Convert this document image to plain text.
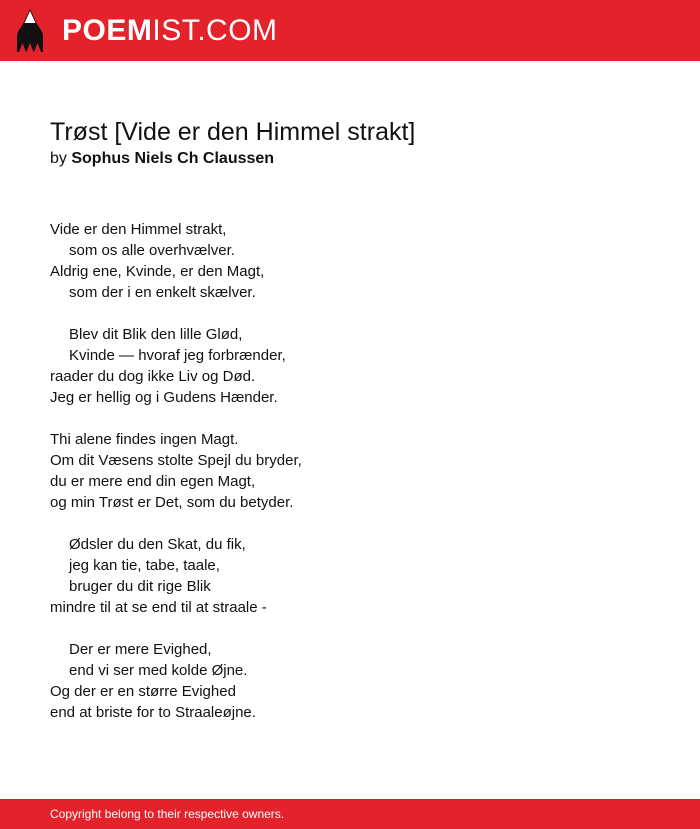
POEMIST.COM
Trøst [Vide er den Himmel strakt]
by Sophus Niels Ch Claussen
Vide er den Himmel strakt,
som os alle overhvælver.
Aldrig ene, Kvinde, er den Magt,
som der i en enkelt skælver.
Blev dit Blik den lille Glød,
Kvinde — hvoraf jeg forbrænder,
raader du dog ikke Liv og Død.
Jeg er hellig og i Gudens Hænder.
Thi alene findes ingen Magt.
Om dit Væsens stolte Spejl du bryder,
du er mere end din egen Magt,
og min Trøst er Det, som du betyder.
Ødsler du den Skat, du fik,
jeg kan tie, tabe, taale,
bruger du dit rige Blik
mindre til at se end til at straale -
Der er mere Evighed,
end vi ser med kolde Øjne.
Og der er en større Evighed
end at briste for to Straaleøjne.
Copyright belong to their respective owners.
